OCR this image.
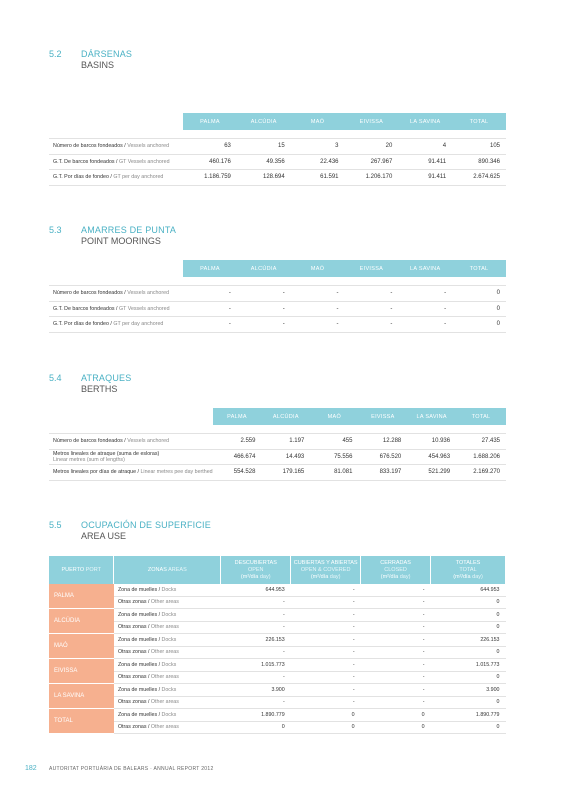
5.2 DÁRSENAS
BASINS
	PALMA	ALCÚDIA	MAÓ	EIVISSA	LA SAVINA	TOTAL

Número de barcos fondeados / Vessels anchored	63	15	3	20	4	105
G.T. De barcos fondeados / GT Vessels anchored	460.176	49.356	22.436	267.967	91.411	890.346
G.T. Por días de fondeo / GT per day anchored	1.186.759	128.694	61.591	1.206.170	91.411	2.674.625
5.3 AMARRES DE PUNTA
POINT MOORINGS
	PALMA	ALCÚDIA	MAÓ	EIVISSA	LA SAVINA	TOTAL

Número de barcos fondeados / Vessels anchored	-	-	-	-	-	0
G.T. De barcos fondeados / GT Vessels anchored	-	-	-	-	-	0
G.T. Por días de fondeo / GT per day anchored	-	-	-	-	-	0
5.4 ATRAQUES
BERTHS
	PALMA	ALCÚDIA	MAÓ	EIVISSA	LA SAVINA	TOTAL

Número de barcos fondeados / Vessels anchored	2.559	1.197	455	12.288	10.936	27.435
Metros lineales de atraque (suma de esloras)
Linear metres (sum of lengths)	466.674	14.493	75.556	676.520	454.963	1.688.206
Metros lineales por días de atraque / Linear metres pee day berthed	554.528	179.165	81.081	833.197	521.299	2.169.270
5.5 OCUPACIÓN DE SUPERFICIE
AREA USE
PUERTO PORT	ZONAS AREAS	DESCUBIERTAS
OPEN
(m²/día day)	CUBIERTAS Y ABIERTAS
OPEN & COVERED
(m²/día day)	CERRADAS
CLOSED
(m²/día day)	TOTALES
TOTAL
(m²/día day)

PALMA	Zona de muelles / Docks	644.953	-	-	644.953
	Otras zonas / Other areas	-	-	-	0
ALCÚDIA	Zona de muelles / Docks	-	-	-	0
	Otras zonas / Other areas	-	-	-	0
MAÓ	Zona de muelles / Docks	226.153	-	-	226.153
	Otras zonas / Other areas	-	-	-	0
EIVISSA	Zona de muelles / Docks	1.015.773	-	-	1.015.773
	Otras zonas / Other areas	-	-	-	0
LA SAVINA	Zona de muelles / Docks	3.900	-	-	3.900
	Otras zonas / Other areas	-	-	-	0
TOTAL	Zona de muelles / Docks	1.890.779	0	0	1.890.779
	Otras zonas / Other areas	0	0	0	0
182 AUTORITAT PORTUÀRIA DE BALEARS · ANNUAL REPORT 2012
